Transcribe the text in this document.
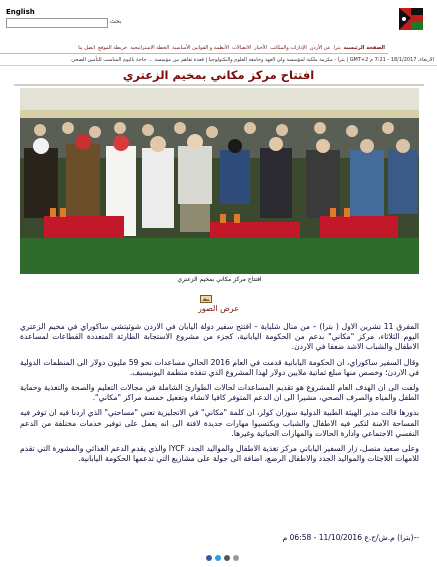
English
بحث
الصفحة الرئيسية
بترا
عن الأردن
الإدارات والمكاتب
الأخبار
الاتصالات
الأنظمة و القوانين الأساسية
الخطة الاستراتيجية
خريطة الموقع
اتصل بنا
الاربعاء، 18/1/2017 - 7:21 م GMT+2 | بترا - مكرمة ملكية لمؤسسة ولي العهد وجامعة العلوم والتكنولوجيا | قعدة تفاهم بين مؤسسة ... حاجة باليوم المناسب للتأمين الصحي
افتتاح مركز مكاني بمخيم الزعتري
افتتاح مركز مكاني بمخيم الزعتري
عرض الصور

المفرق 11 تشرين الاول ( بترا) – من منال شلباية – افتتح سفير دولة اليابان في الاردن شوئيتشي ساكوراي في مخيم الزعتري اليوم الثلاثاء، مركز "مكاني" بدعم من الحكومة اليابانية، كجزء من مشروع الاستجابة الطارئة المتعددة القطاعات لمساعدة الاطفال والشباب الاشد ضعفا في الاردن.

وقال السفير ساكوراي، ان الحكومة اليابانية قدمت في العام 2016 الحالي مساعدات نحو 59 مليون دولار الى المنظمات الدولية في الاردن؛ وخصص منها مبلغ ثمانية ملايين دولار لهذا المشروع الذي تنفذه منظمة اليونيسيف.

ولفت الى ان الهدف العام للمشروع هو تقديم المساعدات لحالات الطوارئ الشاملة في مجالات التعليم والصحة والتغذية وحماية الطفل والمياه والصرف الصحي، مشيرا الى ان الدعم المتوفر كافيا لانشاء وتفعيل خمسة مراكز "مكاني".

بدورها قالت مدير الهيئة الطبية الدولية سوزان كولر، ان كلمة "مكاني" في الانجليزية تعني "مساحتي" الذي اردنا فيه ان توفر فيه المساحة الآمنة لتكبر فيه الاطفال والشباب ويكتسبوا مهارات جديدة لافتة الى انه يعمل على توفير خدمات مختلفة من الدعم النفسي الاجتماعي وادارة الحالات والمهارات الحياتية وغيرها.

وعلى صعيد متصل، زار السفير الياباني مركز تغذية الاطفال والمواليد الجدد IYCF والذي يقدم الدعم الغذائي والمشورة التي تقدم للامهات اللاجئات والمواليد الجدد والاطفال الرضع، اضافة الى جولة على مشاريع التي تدعمها الحكومة اليابانية.

--(بترا) م.ش/ح.ع 11/10/2016 - 06:58 م
